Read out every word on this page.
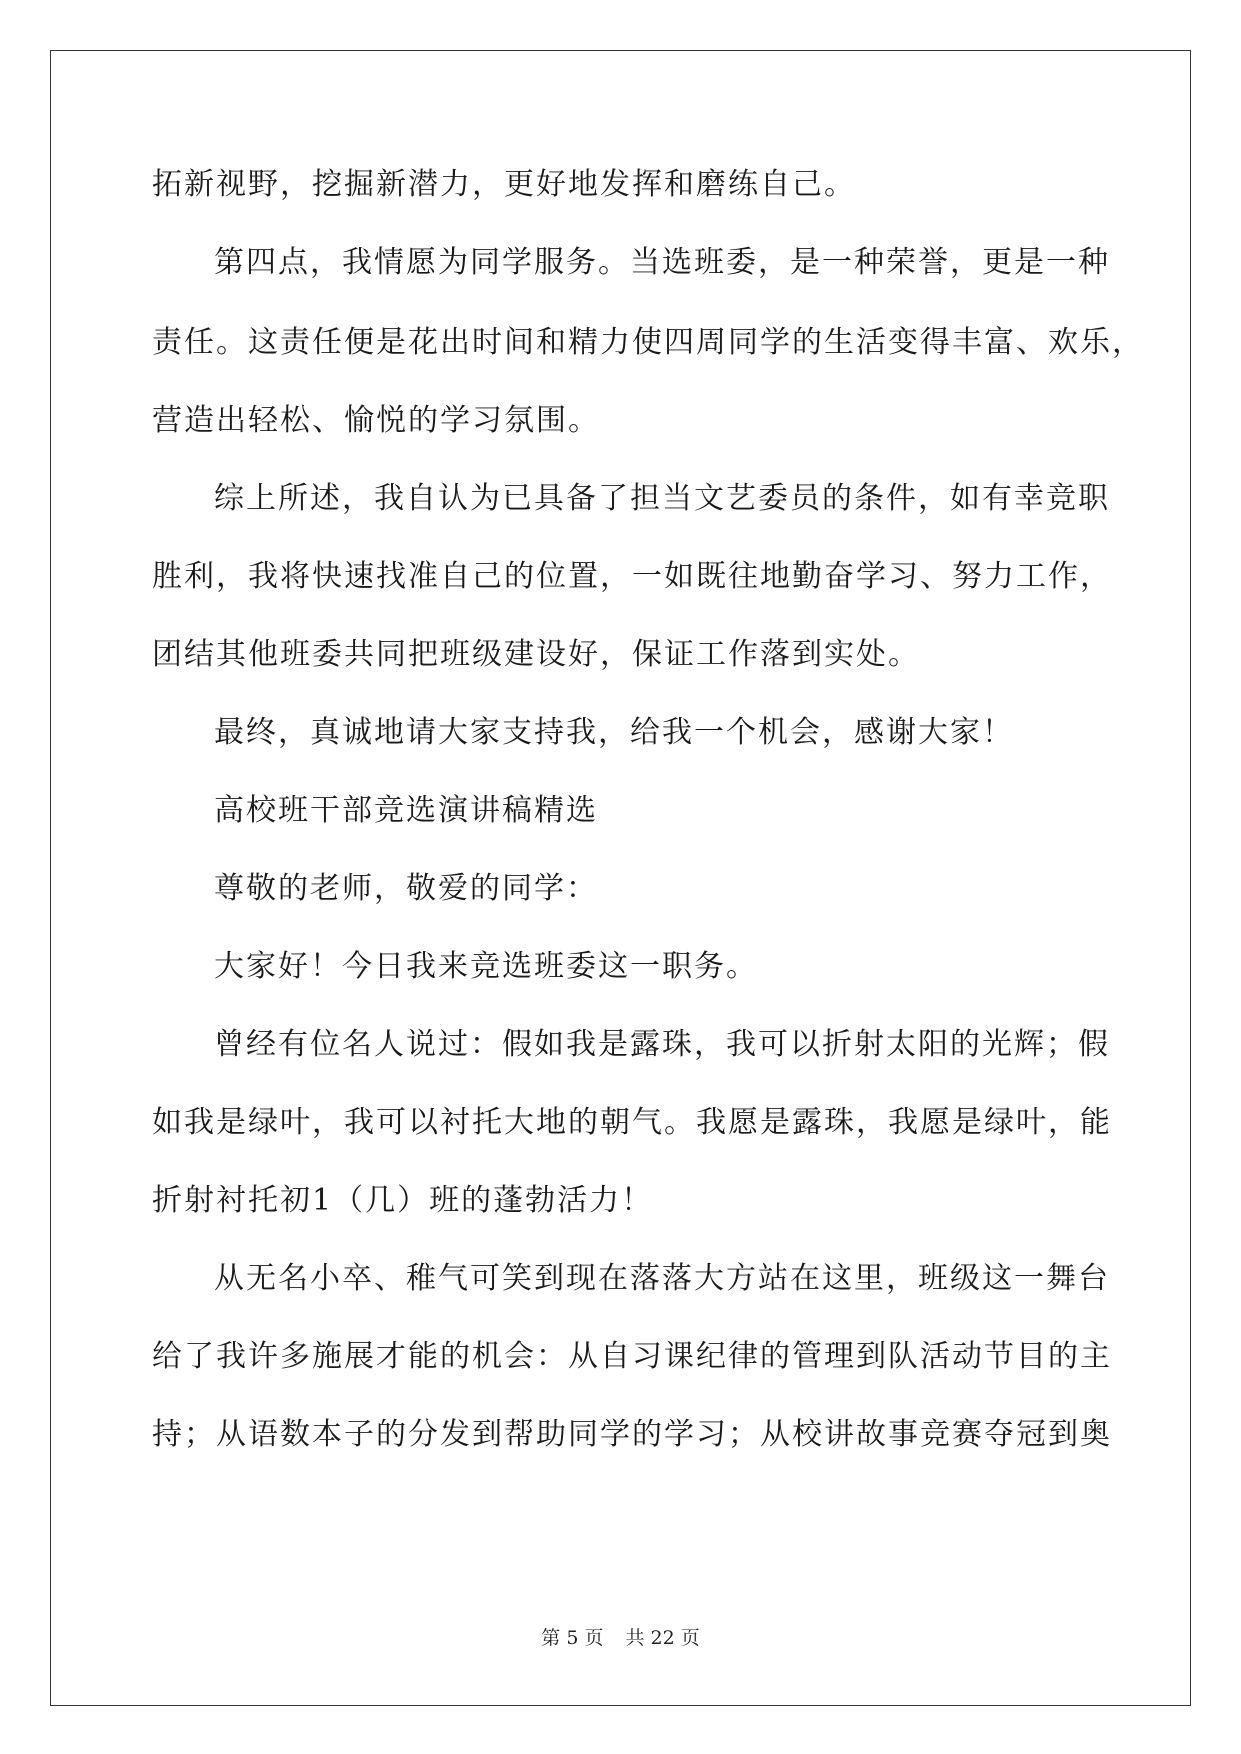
拓新视野，挖掘新潜力，更好地发挥和磨练自己。
第四点，我情愿为同学服务。当选班委，是一种荣誉，更是一种
责任。这责任便是花出时间和精力使四周同学的生活变得丰富、欢乐，
营造出轻松、愉悦的学习氛围。
综上所述，我自认为已具备了担当文艺委员的条件，如有幸竞职
胜利，我将快速找准自己的位置，一如既往地勤奋学习、努力工作，
团结其他班委共同把班级建设好，保证工作落到实处。
最终，真诚地请大家支持我，给我一个机会，感谢大家！
高校班干部竞选演讲稿精选
尊敬的老师，敬爱的同学：
大家好！今日我来竞选班委这一职务。
曾经有位名人说过：假如我是露珠，我可以折射太阳的光辉；假
如我是绿叶，我可以衬托大地的朝气。我愿是露珠，我愿是绿叶，能
折射衬托初1（几）班的蓬勃活力！
从无名小卒、稚气可笑到现在落落大方站在这里，班级这一舞台
给了我许多施展才能的机会：从自习课纪律的管理到队活动节目的主
持；从语数本子的分发到帮助同学的学习；从校讲故事竞赛夺冠到奥
第 5 页 共 22 页
